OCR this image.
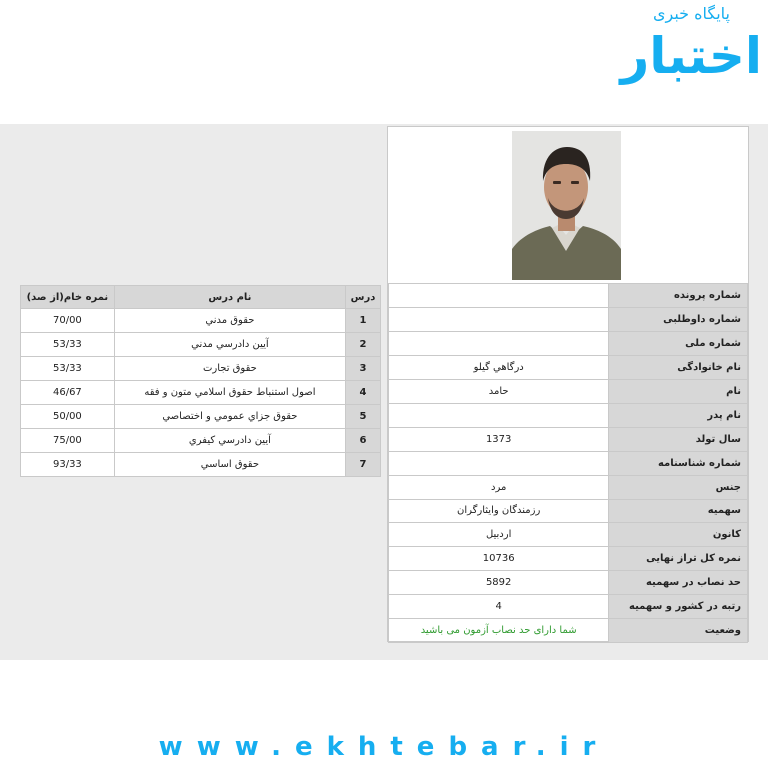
پایگاه خبری
اختبار
درس	نام درس	نمره خام(از صد)
1	حقوق مدني	70/00
2	آيين دادرسي مدني	53/33
3	حقوق تجارت	53/33
4	اصول استنباط حقوق اسلامي متون و فقه	46/67
5	حقوق جزاي عمومي و اختصاصي	50/00
6	آيين دادرسي كيفري	75/00
7	حقوق اساسي	93/33
شماره پرونده	
شماره داوطلبی	
شماره ملی	
نام خانوادگی	درگاهي گيلو
نام	حامد
نام پدر	
سال تولد	1373
شماره شناسنامه	
جنس	مرد
سهمیه	رزمندگان وايثارگران
کانون	اردبيل
نمره کل تراز نهایی	10736
حد نصاب در سهمیه	5892
رتبه در کشور و سهمیه	4
وضعیت	شما دارای حد نصاب آزمون می باشید
www.ekhtebar.ir
